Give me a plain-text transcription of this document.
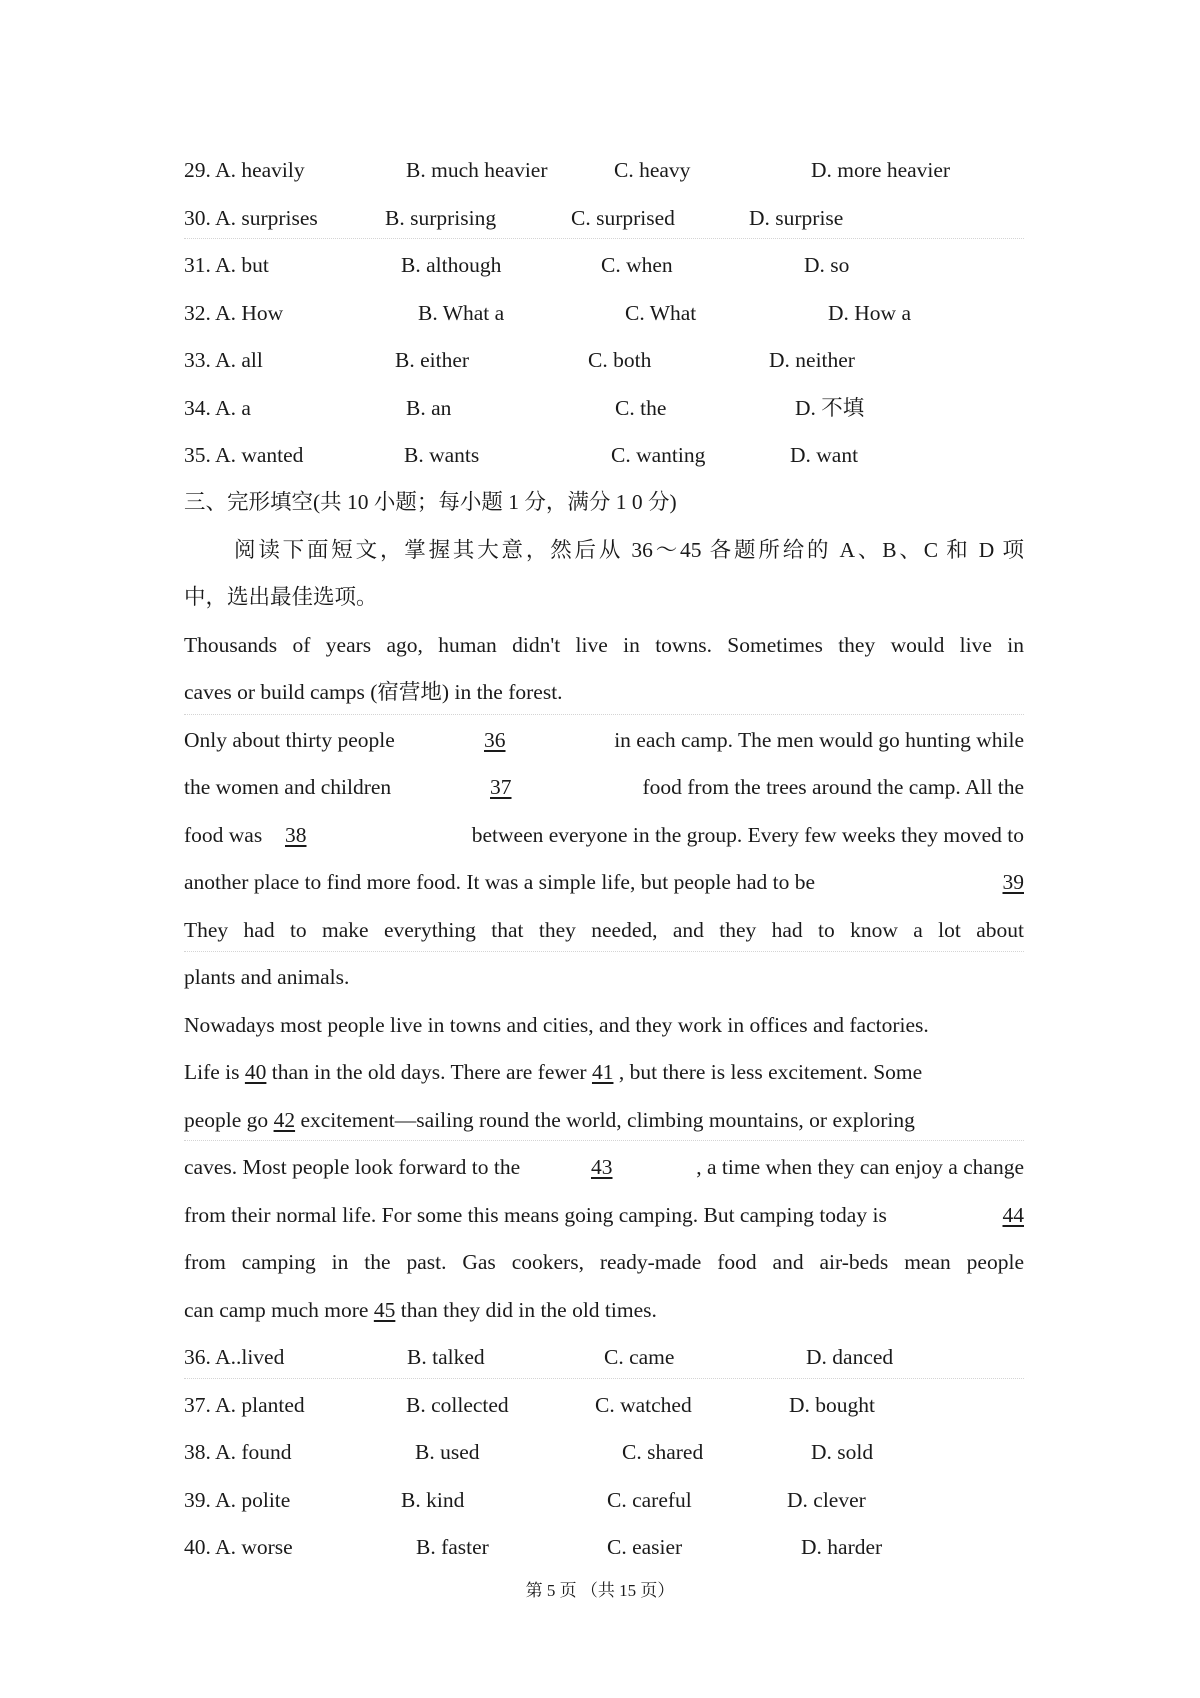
29. A. heavily	B. much heavier	C. heavy	D. more heavier
30. A. surprises	B. surprising	C. surprised	D. surprise
31. A. but	B. although	C. when	D. so
32. A. How	B. What a	C. What	D. How a
33. A. all	B. either	C. both	D. neither
34. A. a	B. an	C. the	D. 不填
35. A. wanted	B. wants	C. wanting	D. want
三、完形填空(共 10 小题；每小题 1 分，满分 1 0 分)
阅读下面短文，掌握其大意，然后从 36～45 各题所给的 A、B、C 和 D 项
中，选出最佳选项。
Thousands of years ago, human didn't live in towns. Sometimes they would live in
caves or build camps (宿营地) in the forest.
Only about thirty people	36	in each camp. The men would go hunting while
the women and children	37	food from the trees around the camp. All the
food was 38	between everyone in the group. Every few weeks they moved to
another place to find more food. It was a simple life, but people had to be	39
They had to make everything that they needed, and they had to know a lot about
plants and animals.
Nowadays most people live in towns and cities, and they work in offices and factories.
Life is 40 than in the old days. There are fewer 41 , but there is less excitement. Some
people go 42 excitement—sailing round the world, climbing mountains, or exploring
caves. Most people look forward to the	43	, a time when they can enjoy a change
from their normal life. For some this means going camping. But camping today is	44
from camping in the past. Gas cookers, ready-made food and air-beds mean people
can camp much more 45 than they did in the old times.
36. A..lived	B. talked	C. came	D. danced
37. A. planted	B. collected	C. watched	D. bought
38. A. found	B. used	C. shared	D. sold
39. A. polite	B. kind	C. careful	D. clever
40. A. worse	B. faster	C. easier	D. harder
第 5 页 （共 15 页）
